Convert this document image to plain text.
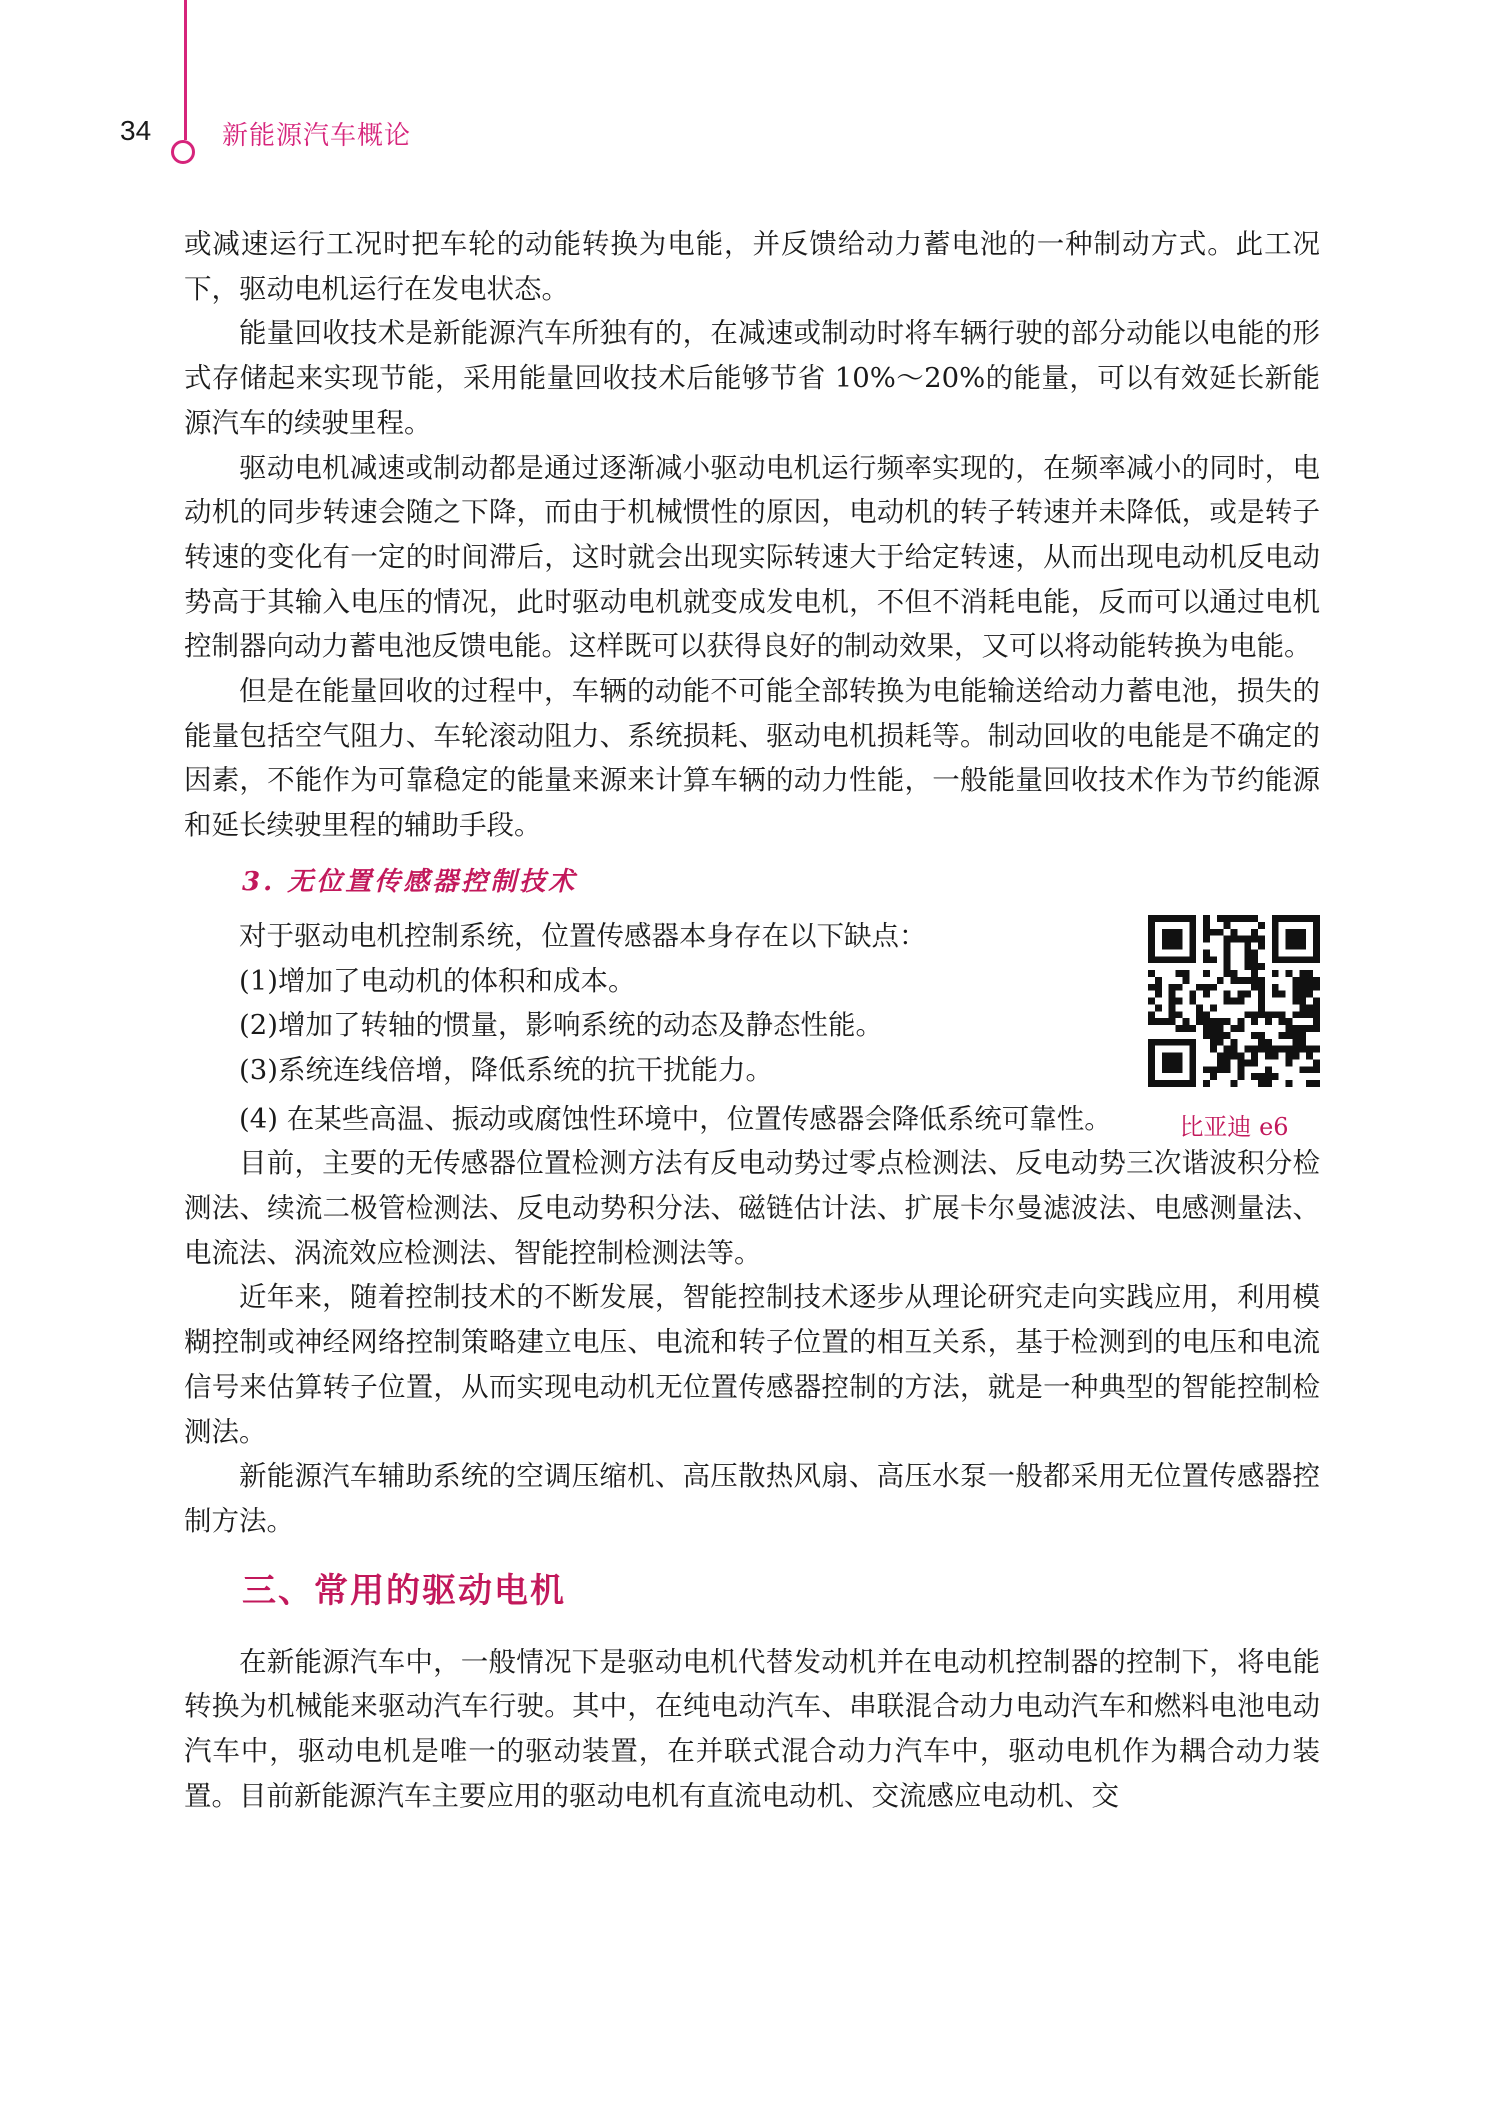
34	新能源汽车概论

或减速运行工况时把车轮的动能转换为电能，并反馈给动力蓄电池的一种制动方式。此工况下，驱动电机运行在发电状态。

能量回收技术是新能源汽车所独有的，在减速或制动时将车辆行驶的部分动能以电能的形式存储起来实现节能，采用能量回收技术后能够节省 10%～20%的能量，可以有效延长新能源汽车的续驶里程。

驱动电机减速或制动都是通过逐渐减小驱动电机运行频率实现的，在频率减小的同时，电动机的同步转速会随之下降，而由于机械惯性的原因，电动机的转子转速并未降低，或是转子转速的变化有一定的时间滞后，这时就会出现实际转速大于给定转速，从而出现电动机反电动势高于其输入电压的情况，此时驱动电机就变成发电机，不但不消耗电能，反而可以通过电机控制器向动力蓄电池反馈电能。这样既可以获得良好的制动效果，又可以将动能转换为电能。

但是在能量回收的过程中，车辆的动能不可能全部转换为电能输送给动力蓄电池，损失的能量包括空气阻力、车轮滚动阻力、系统损耗、驱动电机损耗等。制动回收的电能是不确定的因素，不能作为可靠稳定的能量来源来计算车辆的动力性能，一般能量回收技术作为节约能源和延长续驶里程的辅助手段。

3. 无位置传感器控制技术

对于驱动电机控制系统，位置传感器本身存在以下缺点：

(1)增加了电动机的体积和成本。

(2)增加了转轴的惯量，影响系统的动态及静态性能。

(3)系统连线倍增，降低系统的抗干扰能力。

(4) 在某些高温、振动或腐蚀性环境中，位置传感器会降低系统可靠性。

目前，主要的无传感器位置检测方法有反电动势过零点检测法、反电动势三次谐波积分检测法、续流二极管检测法、反电动势积分法、磁链估计法、扩展卡尔曼滤波法、电感测量法、电流法、涡流效应检测法、智能控制检测法等。

近年来，随着控制技术的不断发展，智能控制技术逐步从理论研究走向实践应用，利用模糊控制或神经网络控制策略建立电压、电流和转子位置的相互关系，基于检测到的电压和电流信号来估算转子位置，从而实现电动机无位置传感器控制的方法，就是一种典型的智能控制检测法。

新能源汽车辅助系统的空调压缩机、高压散热风扇、高压水泵一般都采用无位置传感器控制方法。

三、常用的驱动电机

在新能源汽车中，一般情况下是驱动电机代替发动机并在电动机控制器的控制下，将电能转换为机械能来驱动汽车行驶。其中，在纯电动汽车、串联混合动力电动汽车和燃料电池电动汽车中，驱动电机是唯一的驱动装置，在并联式混合动力汽车中，驱动电机作为耦合动力装置。目前新能源汽车主要应用的驱动电机有直流电动机、交流感应电动机、交

比亚迪 e6
